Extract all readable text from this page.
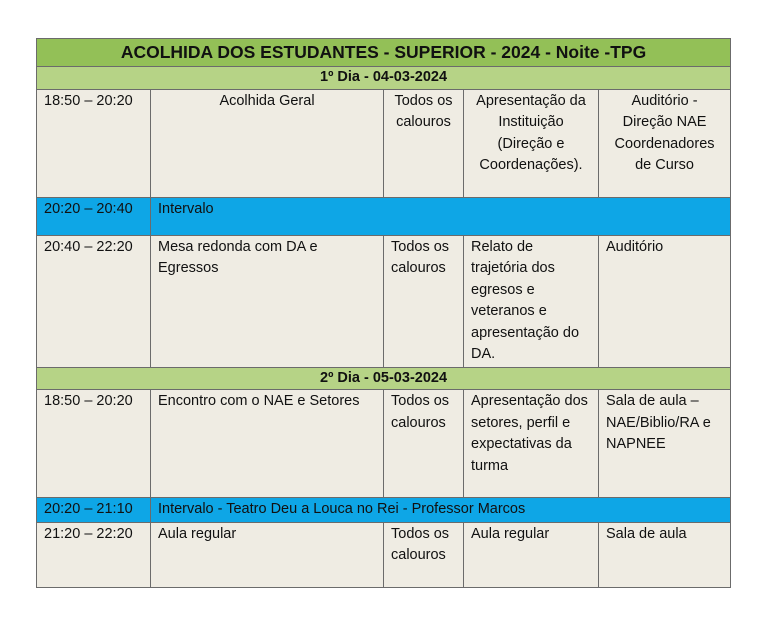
ACOLHIDA DOS ESTUDANTES - SUPERIOR - 2024 - Noite -TPG				
1º Dia - 04-03-2024				
18:50 – 20:20	Acolhida Geral	Todos os calouros	Apresentação da Instituição (Direção e Coordenações).	Auditório - Direção NAE Coordenadores de Curso
20:20 – 20:40	Intervalo			
20:40 – 22:20	Mesa redonda com DA e Egressos	Todos os calouros	Relato de trajetória dos egresos e veteranos e apresentação do DA.	Auditório
2º Dia - 05-03-2024				
18:50 – 20:20	Encontro com o NAE e Setores	Todos os calouros	Apresentação dos setores, perfil e expectativas da turma	Sala de aula – NAE/Biblio/RA e NAPNEE
20:20 – 21:10	Intervalo - Teatro Deu a Louca no Rei - Professor Marcos			
21:20 – 22:20	Aula regular	Todos os calouros	Aula regular	Sala de aula
